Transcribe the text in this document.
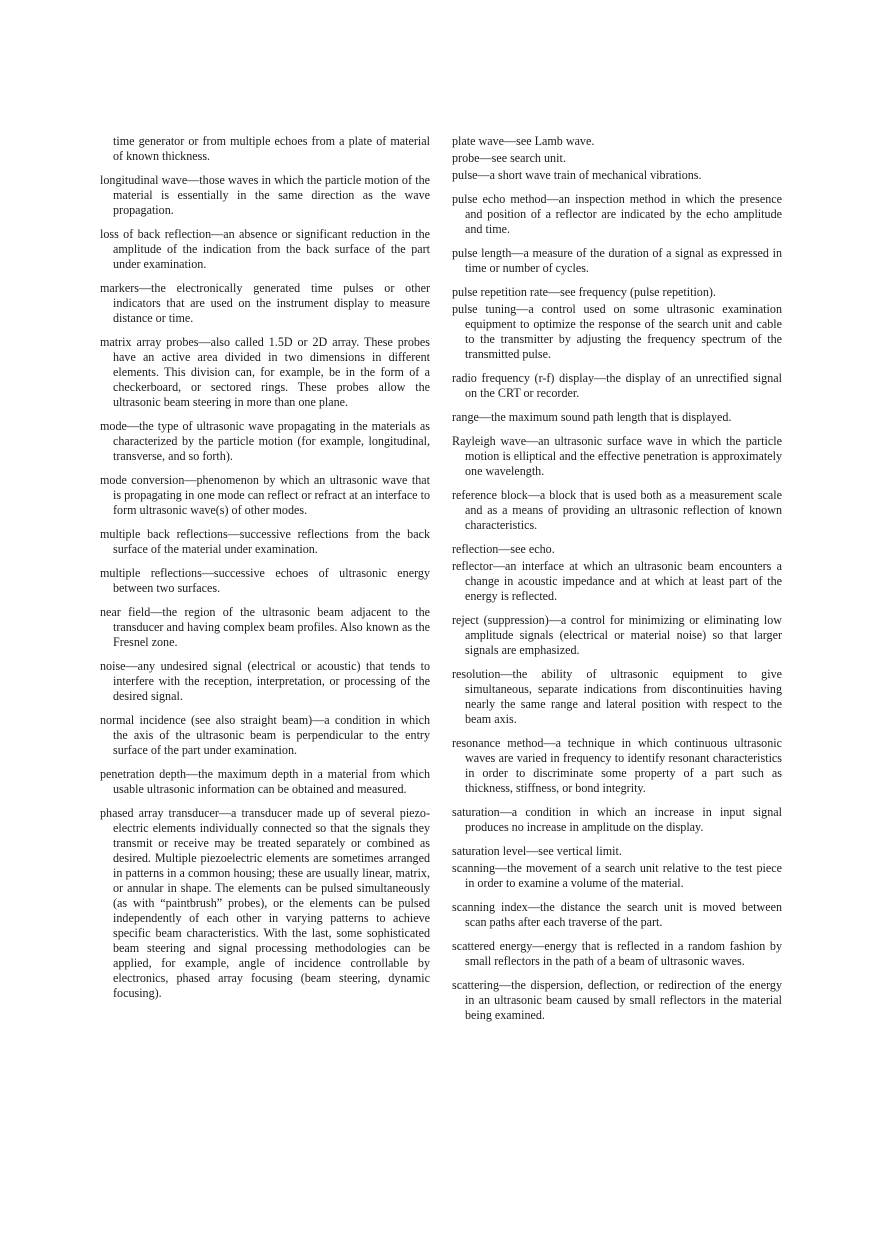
time generator or from multiple echoes from a plate of material of known thickness.

longitudinal wave—those waves in which the particle motion of the material is essentially in the same direction as the wave propagation.

loss of back reflection—an absence or significant reduction in the amplitude of the indication from the back surface of the part under examination.

markers—the electronically generated time pulses or other indicators that are used on the instrument display to measure distance or time.

matrix array probes—also called 1.5D or 2D array. These probes have an active area divided in two dimensions in different elements. This division can, for example, be in the form of a checkerboard, or sectored rings. These probes allow the ultrasonic beam steering in more than one plane.

mode—the type of ultrasonic wave propagating in the materials as characterized by the particle motion (for example, longitudinal, transverse, and so forth).

mode conversion—phenomenon by which an ultrasonic wave that is propagating in one mode can reflect or refract at an interface to form ultrasonic wave(s) of other modes.

multiple back reflections—successive reflections from the back surface of the material under examination.

multiple reflections—successive echoes of ultrasonic energy between two surfaces.

near field—the region of the ultrasonic beam adjacent to the transducer and having complex beam profiles. Also known as the Fresnel zone.

noise—any undesired signal (electrical or acoustic) that tends to interfere with the reception, interpretation, or processing of the desired signal.

normal incidence (see also straight beam)—a condition in which the axis of the ultrasonic beam is perpendicular to the entry surface of the part under examination.

penetration depth—the maximum depth in a material from which usable ultrasonic information can be obtained and measured.

phased array transducer—a transducer made up of several piezo-electric elements individually connected so that the signals they transmit or receive may be treated separately or combined as desired. Multiple piezoelectric elements are sometimes arranged in patterns in a common housing; these are usually linear, matrix, or annular in shape. The elements can be pulsed simultaneously (as with “paintbrush” probes), or the elements can be pulsed independently of each other in varying patterns to achieve specific beam characteristics. With the last, some sophisticated beam steering and signal processing methodologies can be applied, for example, angle of incidence controllable by electronics, phased array focusing (beam steering, dynamic focusing).

plate wave—see Lamb wave.

probe—see search unit.

pulse—a short wave train of mechanical vibrations.

pulse echo method—an inspection method in which the presence and position of a reflector are indicated by the echo amplitude and time.

pulse length—a measure of the duration of a signal as expressed in time or number of cycles.

pulse repetition rate—see frequency (pulse repetition).

pulse tuning—a control used on some ultrasonic examination equipment to optimize the response of the search unit and cable to the transmitter by adjusting the frequency spectrum of the transmitted pulse.

radio frequency (r-f) display—the display of an unrectified signal on the CRT or recorder.

range—the maximum sound path length that is displayed.

Rayleigh wave—an ultrasonic surface wave in which the particle motion is elliptical and the effective penetration is approximately one wavelength.

reference block—a block that is used both as a measurement scale and as a means of providing an ultrasonic reflection of known characteristics.

reflection—see echo.

reflector—an interface at which an ultrasonic beam encounters a change in acoustic impedance and at which at least part of the energy is reflected.

reject (suppression)—a control for minimizing or eliminating low amplitude signals (electrical or material noise) so that larger signals are emphasized.

resolution—the ability of ultrasonic equipment to give simultaneous, separate indications from discontinuities having nearly the same range and lateral position with respect to the beam axis.

resonance method—a technique in which continuous ultrasonic waves are varied in frequency to identify resonant characteristics in order to discriminate some property of a part such as thickness, stiffness, or bond integrity.

saturation—a condition in which an increase in input signal produces no increase in amplitude on the display.

saturation level—see vertical limit.

scanning—the movement of a search unit relative to the test piece in order to examine a volume of the material.

scanning index—the distance the search unit is moved between scan paths after each traverse of the part.

scattered energy—energy that is reflected in a random fashion by small reflectors in the path of a beam of ultrasonic waves.

scattering—the dispersion, deflection, or redirection of the energy in an ultrasonic beam caused by small reflectors in the material being examined.
